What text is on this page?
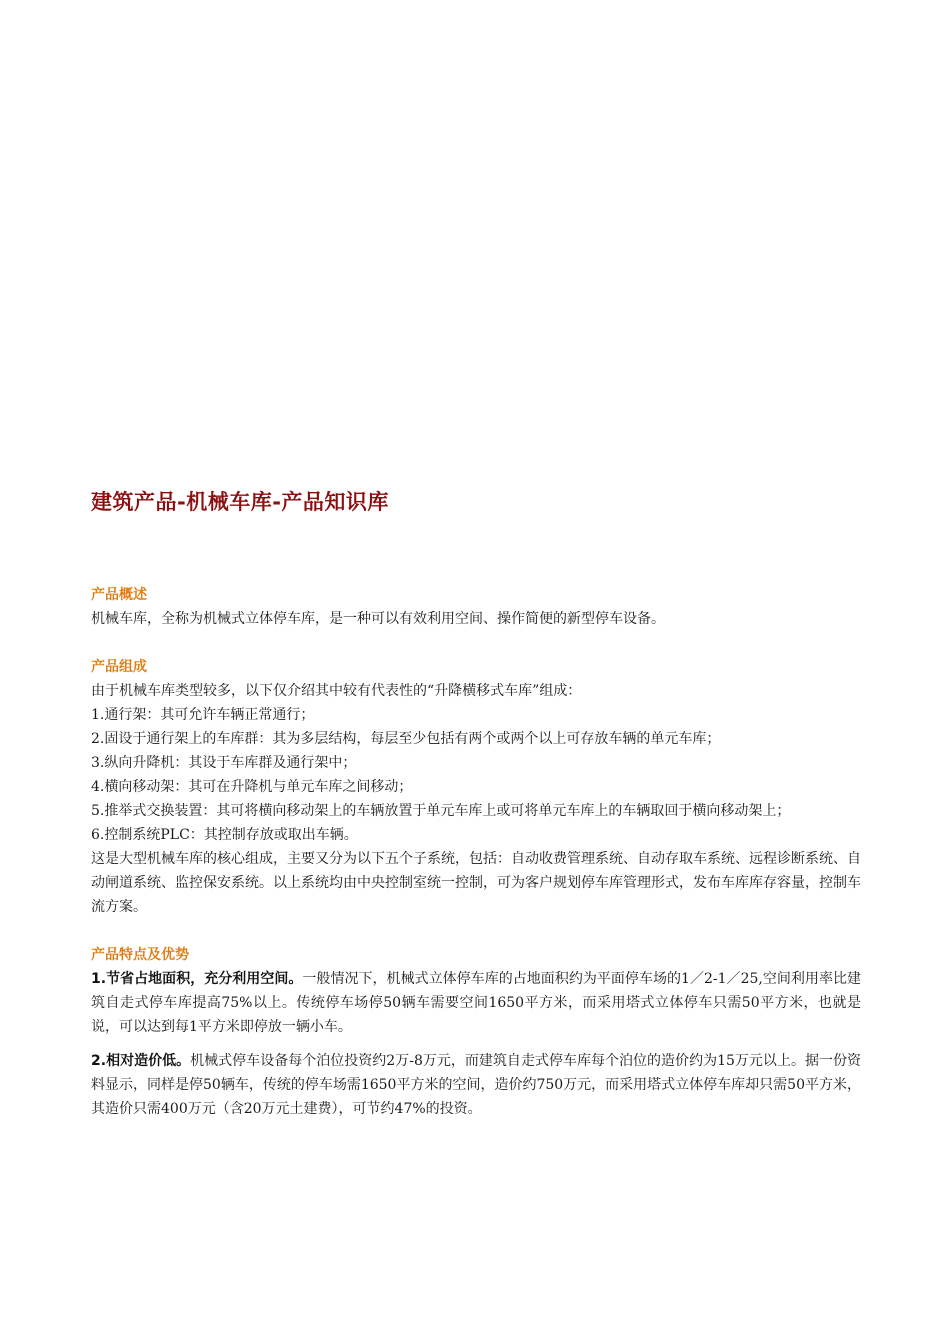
建筑产品-机械车库-产品知识库
产品概述

机械车库，全称为机械式立体停车库，是一种可以有效利用空间、操作简便的新型停车设备。

产品组成

由于机械车库类型较多，以下仅介绍其中较有代表性的“升降横移式车库”组成：

1.通行架：其可允许车辆正常通行；

2.固设于通行架上的车库群：其为多层结构，每层至少包括有两个或两个以上可存放车辆的单元车库；

3.纵向升降机：其设于车库群及通行架中；

4.横向移动架：其可在升降机与单元车库之间移动；

5.推举式交换装置：其可将横向移动架上的车辆放置于单元车库上或可将单元车库上的车辆取回于横向移动架上；

6.控制系统PLC：其控制存放或取出车辆。

这是大型机械车库的核心组成，主要又分为以下五个子系统，包括：自动收费管理系统、自动存取车系统、远程诊断系统、自动闸道系统、监控保安系统。以上系统均由中央控制室统一控制，可为客户规划停车库管理形式，发布车库库存容量，控制车流方案。

产品特点及优势

1.节省占地面积，充分利用空间。一般情况下，机械式立体停车库的占地面积约为平面停车场的1／2-1／25,空间利用率比建筑自走式停车库提高75%以上。传统停车场停50辆车需要空间1650平方米，而采用塔式立体停车只需50平方米，也就是说，可以达到每1平方米即停放一辆小车。

2.相对造价低。机械式停车设备每个泊位投资约2万-8万元，而建筑自走式停车库每个泊位的造价约为15万元以上。据一份资料显示，同样是停50辆车，传统的停车场需1650平方米的空间，造价约750万元，而采用塔式立体停车库却只需50平方米，其造价只需400万元（含20万元土建费），可节约47%的投资。
